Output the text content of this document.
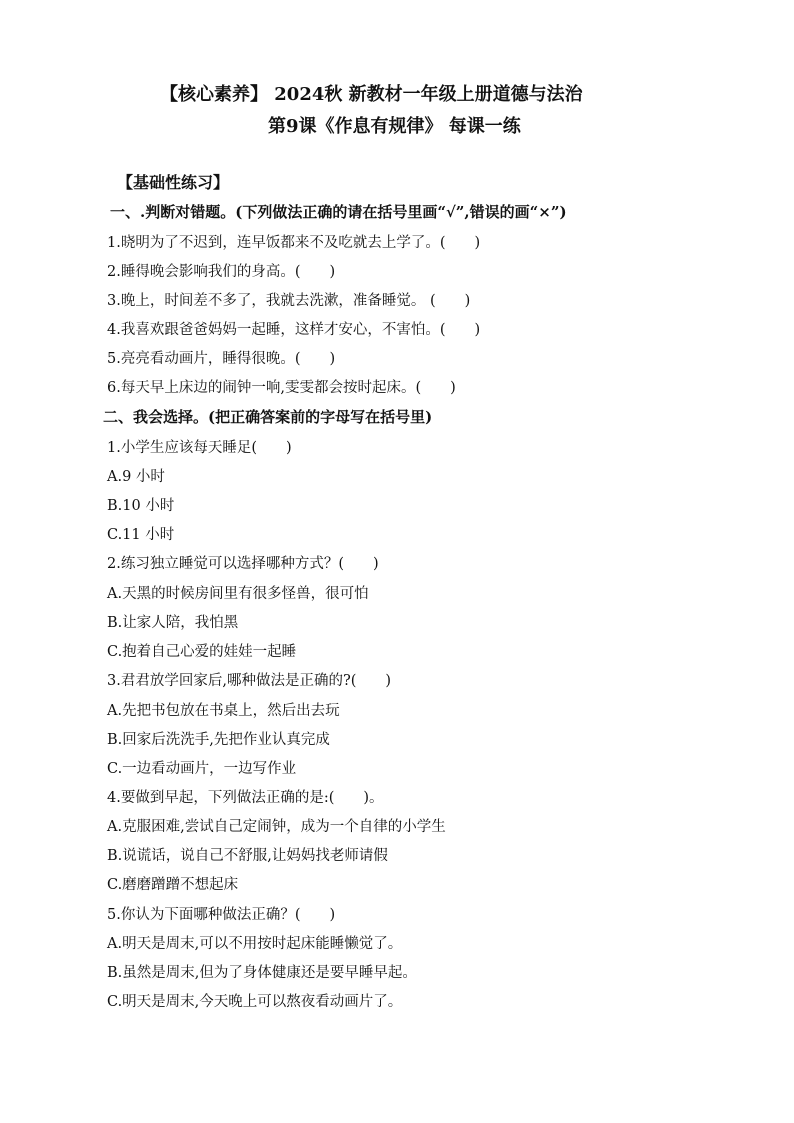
【核心素养】 2024秋 新教材一年级上册道德与法治
第9课《作息有规律》 每课一练
【基础性练习】
一、.判断对错题。(下列做法正确的请在括号里画“√”,错误的画“×”)
1.晓明为了不迟到，连早饭都来不及吃就去上学了。(　　)
2.睡得晚会影响我们的身高。(　　)
3.晚上，时间差不多了，我就去洗漱，准备睡觉。 (　　)
4.我喜欢跟爸爸妈妈一起睡，这样才安心，不害怕。(　　)
5.亮亮看动画片，睡得很晚。(　　)
6.每天早上床边的闹钟一响,雯雯都会按时起床。(　　)
二、我会选择。(把正确答案前的字母写在括号里)
1.小学生应该每天睡足(　　)
A.9 小时
B.10 小时
C.11 小时
2.练习独立睡觉可以选择哪种方式？(　　)
A.天黑的时候房间里有很多怪兽，很可怕
B.让家人陪，我怕黑
C.抱着自己心爱的娃娃一起睡
3.君君放学回家后,哪种做法是正确的?(　　)
A.先把书包放在书桌上，然后出去玩
B.回家后洗洗手,先把作业认真完成
C.一边看动画片，一边写作业
4.要做到早起，下列做法正确的是:(　　)。
A.克服困难,尝试自己定闹钟，成为一个自律的小学生
B.说谎话，说自己不舒服,让妈妈找老师请假
C.磨磨蹭蹭不想起床
5.你认为下面哪种做法正确？(　　)
A.明天是周末,可以不用按时起床能睡懒觉了。
B.虽然是周末,但为了身体健康还是要早睡早起。
C.明天是周末,今天晚上可以熬夜看动画片了。
